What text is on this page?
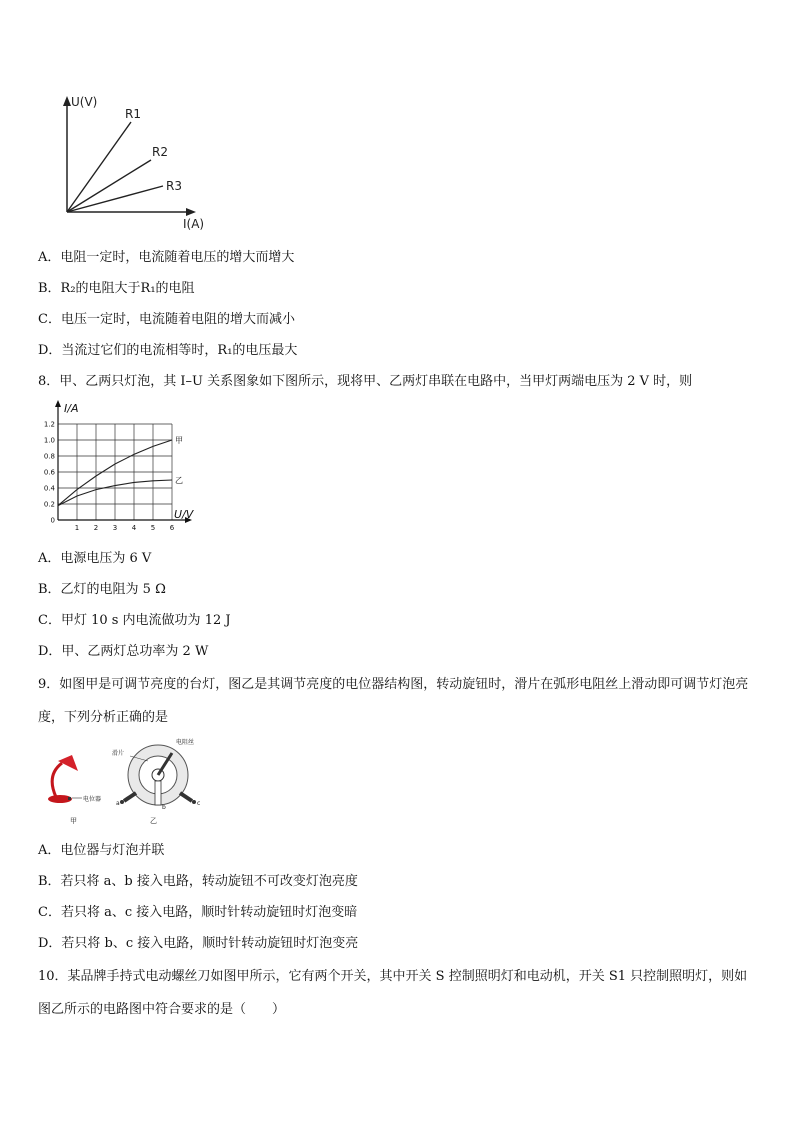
U(V)
I(A)
R1
R2
R3
A．电阻一定时，电流随着电压的增大而增大
B．R₂的电阻大于R₁的电阻
C．电压一定时，电流随着电阻的增大而减小
D．当流过它们的电流相等时，R₁的电压最大
8．甲、乙两只灯泡，其 I–U 关系图象如下图所示，现将甲、乙两灯串联在电路中，当甲灯两端电压为 2 V 时，则
0
0.2
0.4
0.6
0.8
1.0
1.2
1 2 3 4 5 6
I/A
U/V
甲
乙
A．电源电压为 6 V
B．乙灯的电阻为 5 Ω
C．甲灯 10 s 内电流做功为 12 J
D．甲、乙两灯总功率为 2 W
9．如图甲是可调节亮度的台灯，图乙是其调节亮度的电位器结构图，转动旋钮时，滑片在弧形电阻丝上滑动即可调节灯泡亮度，下列分析正确的是
电位器
甲
滑片
电阻丝
a
b
c
乙
A．电位器与灯泡并联
B．若只将 a、b 接入电路，转动旋钮不可改变灯泡亮度
C．若只将 a、c 接入电路，顺时针转动旋钮时灯泡变暗
D．若只将 b、c 接入电路，顺时针转动旋钮时灯泡变亮
10．某品牌手持式电动螺丝刀如图甲所示，它有两个开关，其中开关 S 控制照明灯和电动机，开关 S1 只控制照明灯，则如图乙所示的电路图中符合要求的是（　　）
